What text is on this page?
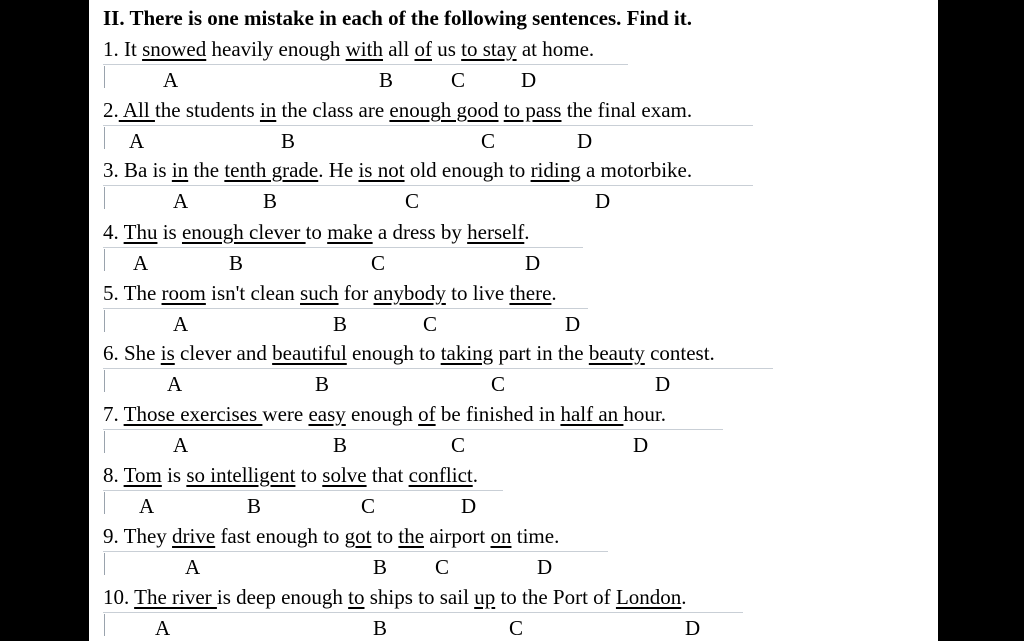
II. There is one mistake in each of the following sentences. Find it.
1. It snowed heavily enough with all of us to stay at home.
A	B	C	D
2. All the students in the class are enough good to pass the final exam.
A	B	C	D
3. Ba is in the tenth grade. He is not old enough to riding a motorbike.
A	B	C	D
4. Thu is enough clever to make a dress by herself.
A	B	C	D
5. The room isn't clean such for anybody to live there.
A	B	C	D
6. She is clever and beautiful enough to taking part in the beauty contest.
A	B	C	D
7. Those exercises were easy enough of be finished in half an hour.
A	B	C	D
8. Tom is so intelligent to solve that conflict.
A	B	C	D
9. They drive fast enough to got to the airport on time.
A	B C	D
10. The river is deep enough to ships to sail up to the Port of London.
A	B	C	D
